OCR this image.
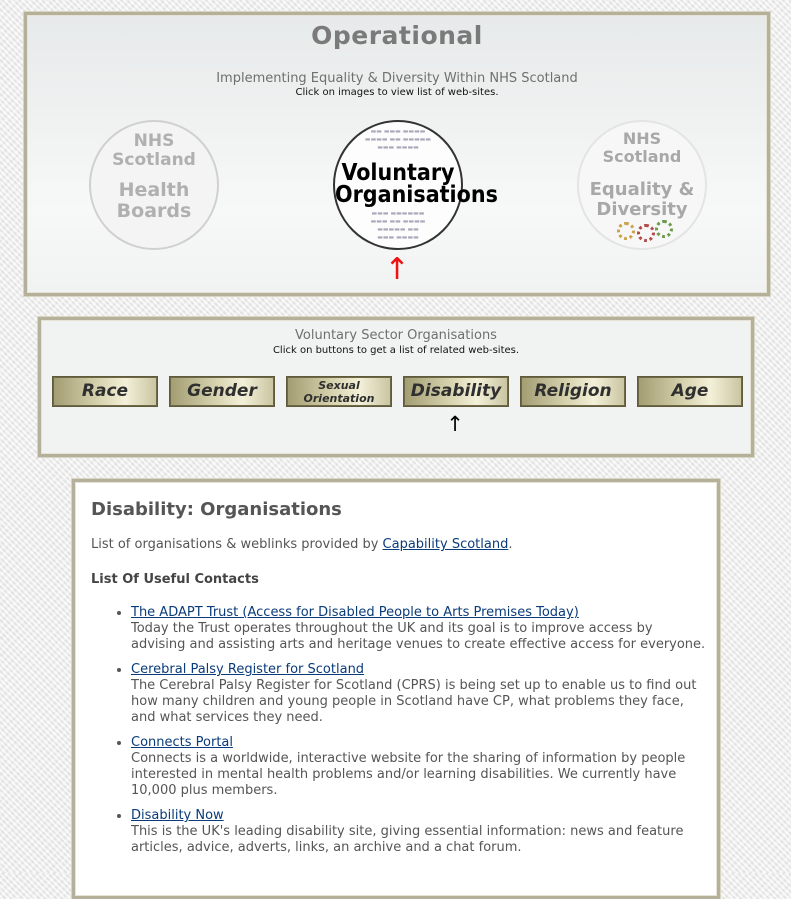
Operational
Implementing Equality & Diversity Within NHS Scotland
Click on images to view list of web-sites.
NHS
Scotland
Health
Boards
▬▬ ▬▬▬ ▬▬▬▬
▬▬▬▬ ▬▬ ▬▬▬▬▬
▬▬▬ ▬▬▬▬
Voluntary
Organisations
▬▬▬ ▬▬▬▬▬▬
▬▬▬ ▬▬ ▬▬▬▬
▬▬▬▬▬ ▬▬
▬▬▬ ▬▬▬▬
NHS
Scotland
Equality &
Diversity
↑
Voluntary Sector Organisations
Click on buttons to get a list of related web-sites.
Race	Gender	Sexual
Orientation	Disability	Religion	Age
↑
Disability: Organisations

List of organisations & weblinks provided by Capability Scotland.

List Of Useful Contacts

• The ADAPT Trust (Access for Disabled People to Arts Premises Today)
Today the Trust operates throughout the UK and its goal is to improve access by advising and assisting arts and heritage venues to create effective access for everyone.
• Cerebral Palsy Register for Scotland
The Cerebral Palsy Register for Scotland (CPRS) is being set up to enable us to find out how many children and young people in Scotland have CP, what problems they face, and what services they need.
• Connects Portal
Connects is a worldwide, interactive website for the sharing of information by people interested in mental health problems and/or learning disabilities. We currently have 10,000 plus members.
• Disability Now
This is the UK's leading disability site, giving essential information: news and feature articles, advice, adverts, links, an archive and a chat forum.
